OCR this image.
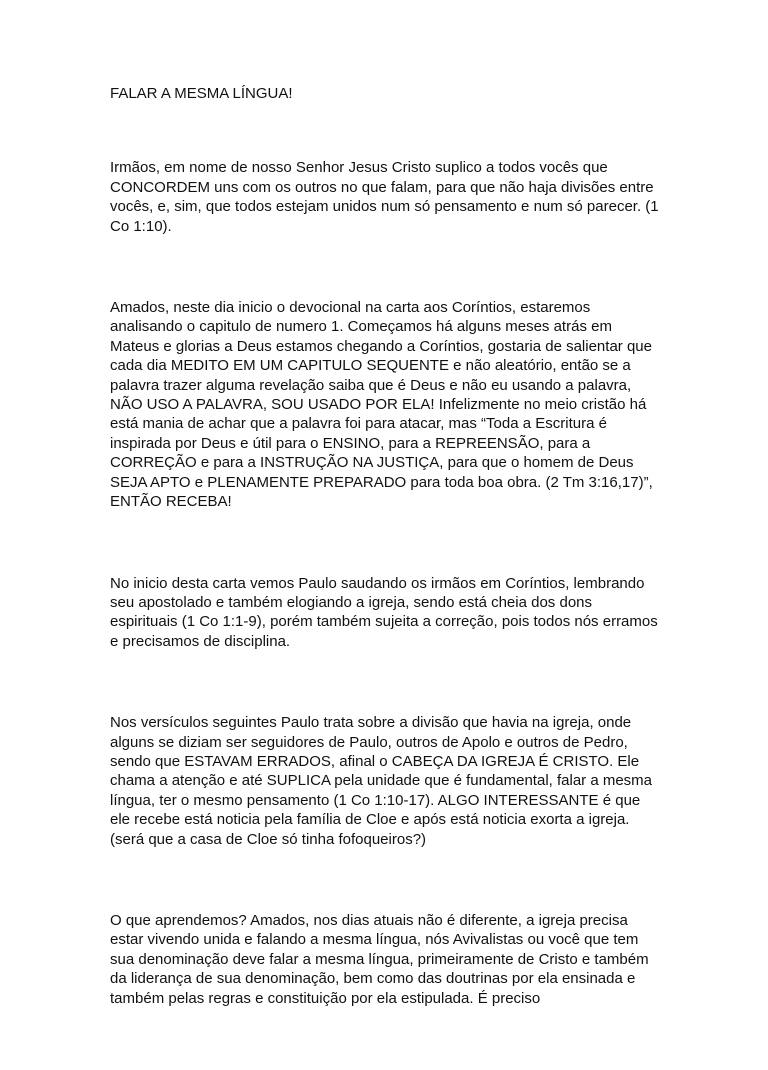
FALAR A MESMA LÍNGUA!

Irmãos, em nome de nosso Senhor Jesus Cristo suplico a todos vocês que CONCORDEM uns com os outros no que falam, para que não haja divisões entre vocês, e, sim, que todos estejam unidos num só pensamento e num só parecer. (1 Co 1:10).

Amados, neste dia inicio o devocional na carta aos Coríntios, estaremos analisando o capitulo de numero 1. Começamos há alguns meses atrás em Mateus e glorias a Deus estamos chegando a Coríntios, gostaria de salientar que cada dia MEDITO EM UM CAPITULO SEQUENTE e não aleatório, então se a palavra trazer alguma revelação saiba que é Deus e não eu usando a palavra, NÃO USO A PALAVRA, SOU USADO POR ELA! Infelizmente no meio cristão há está mania de achar que a palavra foi para atacar, mas “Toda a Escritura é inspirada por Deus e útil para o ENSINO, para a REPREENSÃO, para a CORREÇÃO e para a INSTRUÇÃO NA JUSTIÇA, para que o homem de Deus SEJA APTO e PLENAMENTE PREPARADO para toda boa obra. (2 Tm 3:16,17)”, ENTÃO RECEBA!

No inicio desta carta vemos Paulo saudando os irmãos em Coríntios, lembrando seu apostolado e também elogiando a igreja, sendo está cheia dos dons espirituais (1 Co 1:1-9), porém também sujeita a correção, pois todos nós erramos e precisamos de disciplina.

Nos versículos seguintes Paulo trata sobre a divisão que havia na igreja, onde alguns se diziam ser seguidores de Paulo, outros de Apolo e outros de Pedro, sendo que ESTAVAM ERRADOS, afinal o CABEÇA DA IGREJA É CRISTO. Ele chama a atenção e até SUPLICA pela unidade que é fundamental, falar a mesma língua, ter o mesmo pensamento (1 Co 1:10-17). ALGO INTERESSANTE é que ele recebe está noticia pela família de Cloe e após está noticia exorta a igreja. (será que a casa de Cloe só tinha fofoqueiros?)

O que aprendemos? Amados, nos dias atuais não é diferente, a igreja precisa estar vivendo unida e falando a mesma língua, nós Avivalistas ou você que tem sua denominação deve falar a mesma língua, primeiramente de Cristo e também da liderança de sua denominação, bem como das doutrinas por ela ensinada e também pelas regras e constituição por ela estipulada. É preciso
